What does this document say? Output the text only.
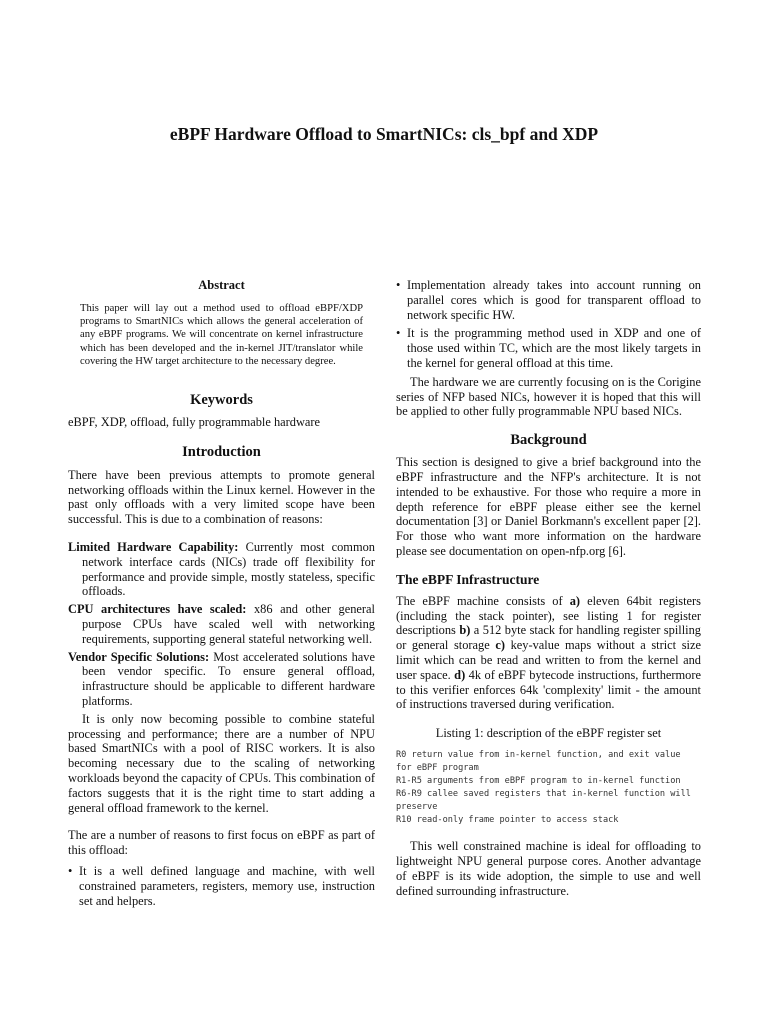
eBPF Hardware Offload to SmartNICs: cls_bpf and XDP
Abstract
This paper will lay out a method used to offload eBPF/XDP programs to SmartNICs which allows the general acceleration of any eBPF programs. We will concentrate on kernel infrastructure which has been developed and the in-kernel JIT/translator while covering the HW target architecture to the necessary degree.
Keywords
eBPF, XDP, offload, fully programmable hardware
Introduction

There have been previous attempts to promote general networking offloads within the Linux kernel. However in the past only offloads with a very limited scope have been successful. This is due to a combination of reasons:

Limited Hardware Capability: Currently most common network interface cards (NICs) trade off flexibility for performance and provide simple, mostly stateless, specific offloads.
CPU architectures have scaled: x86 and other general purpose CPUs have scaled well with networking requirements, supporting general stateful networking well.
Vendor Specific Solutions: Most accelerated solutions have been vendor specific. To ensure general offload, infrastructure should be applicable to different hardware platforms.

It is only now becoming possible to combine stateful processing and performance; there are a number of NPU based SmartNICs with a pool of RISC workers. It is also becoming necessary due to the scaling of networking workloads beyond the capacity of CPUs. This combination of factors suggests that it is the right time to start adding a general offload framework to the kernel.

The are a number of reasons to first focus on eBPF as part of this offload:

• It is a well defined language and machine, with well constrained parameters, registers, memory use, instruction set and helpers.
• Implementation already takes into account running on parallel cores which is good for transparent offload to network specific HW.
• It is the programming method used in XDP and one of those used within TC, which are the most likely targets in the kernel for general offload at this time.

The hardware we are currently focusing on is the Corigine series of NFP based NICs, however it is hoped that this will be applied to other fully programmable NPU based NICs.

Background

This section is designed to give a brief background into the eBPF infrastructure and the NFP's architecture. It is not intended to be exhaustive. For those who require a more in depth reference for eBPF please either see the kernel documentation [3] or Daniel Borkmann's excellent paper [2]. For those who want more information on the hardware please see documentation on open-nfp.org [6].

The eBPF Infrastructure

The eBPF machine consists of a) eleven 64bit registers (including the stack pointer), see listing 1 for register descriptions b) a 512 byte stack for handling register spilling or general storage c) key-value maps without a strict size limit which can be read and written to from the kernel and user space. d) 4k of eBPF bytecode instructions, furthermore to this verifier enforces 64k 'complexity' limit - the amount of instructions traversed during verification.

Listing 1: description of the eBPF register set
R0 return value from in-kernel function, and exit value for eBPF program
R1-R5 arguments from eBPF program to in-kernel function
R6-R9 callee saved registers that in-kernel function will preserve
R10 read-only frame pointer to access stack

This well constrained machine is ideal for offloading to lightweight NPU general purpose cores. Another advantage of eBPF is its wide adoption, the simple to use and well defined surrounding infrastructure.
